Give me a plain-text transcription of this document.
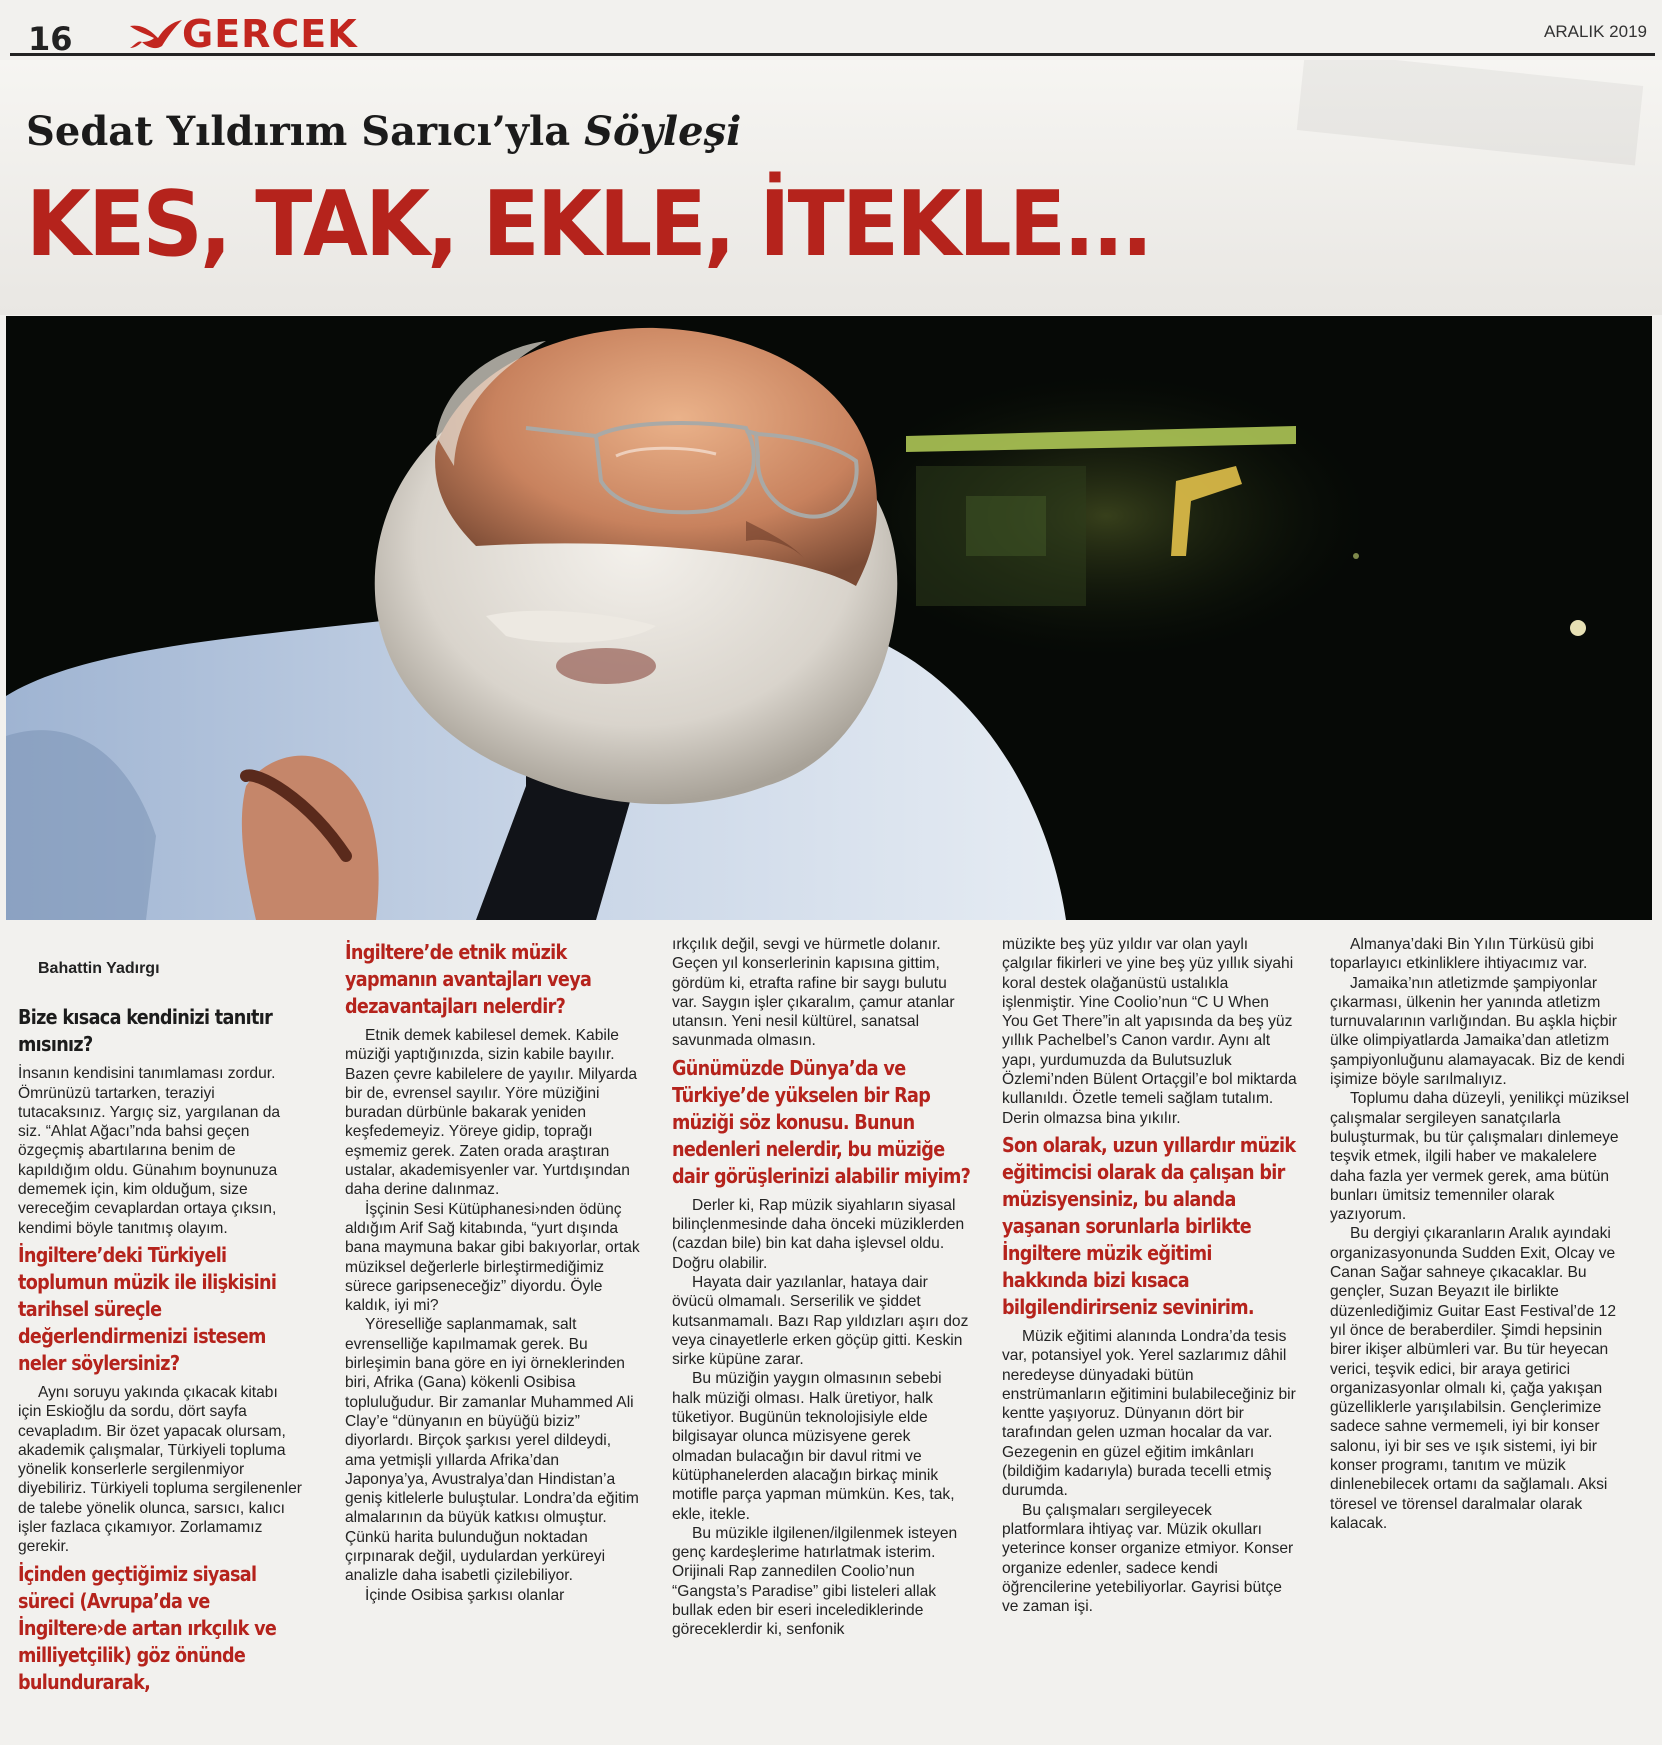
16	GERCEK	ARALIK 2019

Sedat Yıldırım Sarıcı’yla Söyleşi
KES, TAK, EKLE, İTEKLE...
Bahattin Yadırgı
Bize kısaca kendinizi tanıtır mısınız?

İnsanın kendisini tanımlaması zordur. Ömrünüzü tartarken, teraziyi tutacaksınız. Yargıç siz, yargılanan da siz. “Ahlat Ağacı”nda bahsi geçen özgeçmiş abartılarına benim de kapıldığım oldu. Günahım boynunuza dememek için, kim olduğum, size vereceğim cevaplardan ortaya çıksın, kendimi böyle tanıtmış olayım.

İngiltere’deki Türkiyeli toplumun müzik ile ilişkisini tarihsel süreçle değerlendirmenizi istesem neler söylersiniz?

Aynı soruyu yakında çıkacak kitabı için Eskioğlu da sordu, dört sayfa cevapladım. Bir özet yapacak olursam, akademik çalışmalar, Türkiyeli topluma yönelik konserlerle sergilenmiyor diyebiliriz. Türkiyeli topluma sergilenenler de talebe yönelik olunca, sarsıcı, kalıcı işler fazlaca çıkamıyor. Zorlamamız gerekir.

İçinden geçtiğimiz siyasal süreci (Avrupa’da ve İngiltere›de artan ırkçılık ve milliyetçilik) göz önünde bulundurarak,
İngiltere’de etnik müzik yapmanın avantajları veya dezavantajları nelerdir?

Etnik demek kabilesel demek. Kabile müziği yaptığınızda, sizin kabile bayılır. Bazen çevre kabilelere de yayılır. Milyarda bir de, evrensel sayılır. Yöre müziğini buradan dürbünle bakarak yeniden keşfedemeyiz. Yöreye gidip, toprağı eşmemiz gerek. Zaten orada araştıran ustalar, akademisyenler var. Yurtdışından daha derine dalınmaz.

İşçinin Sesi Kütüphanesi›nden ödünç aldığım Arif Sağ kitabında, “yurt dışında bana maymuna bakar gibi bakıyorlar, ortak müziksel değerlerle birleştirmediğimiz sürece garipseneceğiz” diyordu. Öyle kaldık, iyi mi?

Yöreselliğe saplanmamak, salt evrenselliğe kapılmamak gerek. Bu birleşimin bana göre en iyi örneklerinden biri, Afrika (Gana) kökenli Osibisa topluluğudur. Bir zamanlar Muhammed Ali Clay’e “dünyanın en büyüğü biziz” diyorlardı. Birçok şarkısı yerel dildeydi, ama yetmişli yıllarda Afrika’dan Japonya’ya, Avustralya’dan Hindistan’a geniş kitlelerle buluştular. Londra’da eğitim almalarının da büyük katkısı olmuştur. Çünkü harita bulunduğun noktadan çırpınarak değil, uydulardan yerküreyi analizle daha isabetli çizilebiliyor.

İçinde Osibisa şarkısı olanlar

ırkçılık değil, sevgi ve hürmetle dolanır. Geçen yıl konserlerinin kapısına gittim, gördüm ki, etrafta rafine bir saygı bulutu var. Saygın işler çıkaralım, çamur atanlar utansın. Yeni nesil kültürel, sanatsal savunmada olmasın.

Günümüzde Dünya’da ve Türkiye’de yükselen bir Rap müziği söz konusu. Bunun nedenleri nelerdir, bu müziğe dair görüşlerinizi alabilir miyim?

Derler ki, Rap müzik siyahların siyasal bilinçlenmesinde daha önceki müziklerden (cazdan bile) bin kat daha işlevsel oldu. Doğru olabilir.

Hayata dair yazılanlar, hataya dair övücü olmamalı. Serserilik ve şiddet kutsanmamalı. Bazı Rap yıldızları aşırı doz veya cinayetlerle erken göçüp gitti. Keskin sirke küpüne zarar.

Bu müziğin yaygın olmasının sebebi halk müziği olması. Halk üretiyor, halk tüketiyor. Bugünün teknolojisiyle elde bilgisayar olunca müzisyene gerek olmadan bulacağın bir davul ritmi ve kütüphanelerden alacağın birkaç minik motifle parça yapman mümkün. Kes, tak, ekle, itekle.

Bu müzikle ilgilenen/ilgilenmek isteyen genç kardeşlerime hatırlatmak isterim. Orijinali Rap zannedilen Coolio’nun “Gangsta’s Paradise” gibi listeleri allak bullak eden bir eseri incelediklerinde göreceklerdir ki, senfonik

müzikte beş yüz yıldır var olan yaylı çalgılar fikirleri ve yine beş yüz yıllık siyahi koral destek olağanüstü ustalıkla işlenmiştir. Yine Coolio’nun “C U When You Get There”in alt yapısında da beş yüz yıllık Pachelbel’s Canon vardır. Aynı alt yapı, yurdumuzda da Bulutsuzluk Özlemi’nden Bülent Ortaçgil’e bol miktarda kullanıldı. Özetle temeli sağlam tutalım. Derin olmazsa bina yıkılır.

Son olarak, uzun yıllardır müzik eğitimcisi olarak da çalışan bir müzisyensiniz, bu alanda yaşanan sorunlarla birlikte İngiltere müzik eğitimi hakkında bizi kısaca bilgilendirirseniz sevinirim.

Müzik eğitimi alanında Londra’da tesis var, potansiyel yok. Yerel sazlarımız dâhil neredeyse dünyadaki bütün enstrümanların eğitimini bulabileceğiniz bir kentte yaşıyoruz. Dünyanın dört bir tarafından gelen uzman hocalar da var. Gezegenin en güzel eğitim imkânları (bildiğim kadarıyla) burada tecelli etmiş durumda.

Bu çalışmaları sergileyecek platformlara ihtiyaç var. Müzik okulları yeterince konser organize etmiyor. Konser organize edenler, sadece kendi öğrencilerine yetebiliyorlar. Gayrisi bütçe ve zaman işi.

Almanya’daki Bin Yılın Türküsü gibi toparlayıcı etkinliklere ihtiyacımız var.

Jamaika’nın atletizmde şampiyonlar çıkarması, ülkenin her yanında atletizm turnuvalarının varlığından. Bu aşkla hiçbir ülke olimpiyatlarda Jamaika’dan atletizm şampiyonluğunu alamayacak. Biz de kendi işimize böyle sarılmalıyız.

Toplumu daha düzeyli, yenilikçi müziksel çalışmalar sergileyen sanatçılarla buluşturmak, bu tür çalışmaları dinlemeye teşvik etmek, ilgili haber ve makalelere daha fazla yer vermek gerek, ama bütün bunları ümitsiz temenniler olarak yazıyorum.

Bu dergiyi çıkaranların Aralık ayındaki organizasyonunda Sudden Exit, Olcay ve Canan Sağar sahneye çıkacaklar. Bu gençler, Suzan Beyazıt ile birlikte düzenlediğimiz Guitar East Festival’de 12 yıl önce de beraberdiler. Şimdi hepsinin birer ikişer albümleri var. Bu tür heyecan verici, teşvik edici, bir araya getirici organizasyonlar olmalı ki, çağa yakışan güzelliklerle yarışılabilsin. Gençlerimize sadece sahne vermemeli, iyi bir konser salonu, iyi bir ses ve ışık sistemi, iyi bir konser programı, tanıtım ve müzik dinlenebilecek ortamı da sağlamalı. Aksi töresel ve törensel daralmalar olarak kalacak.
